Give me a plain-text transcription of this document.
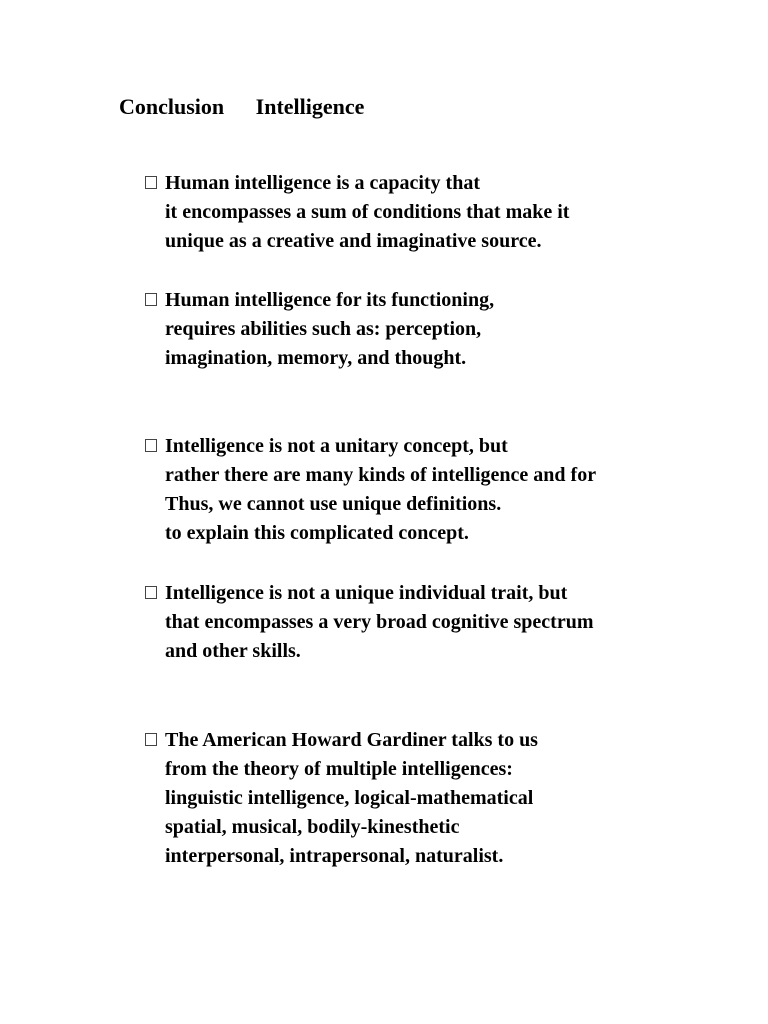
Conclusion Intelligence
Human intelligence is a capacity that
it encompasses a sum of conditions that make it
unique as a creative and imaginative source.
Human intelligence for its functioning,
requires abilities such as: perception,
imagination, memory, and thought.
Intelligence is not a unitary concept, but
rather there are many kinds of intelligence and for
Thus, we cannot use unique definitions.
to explain this complicated concept.
Intelligence is not a unique individual trait, but
that encompasses a very broad cognitive spectrum
and other skills.
The American Howard Gardiner talks to us
from the theory of multiple intelligences:
linguistic intelligence, logical-mathematical
spatial, musical, bodily-kinesthetic
interpersonal, intrapersonal, naturalist.
